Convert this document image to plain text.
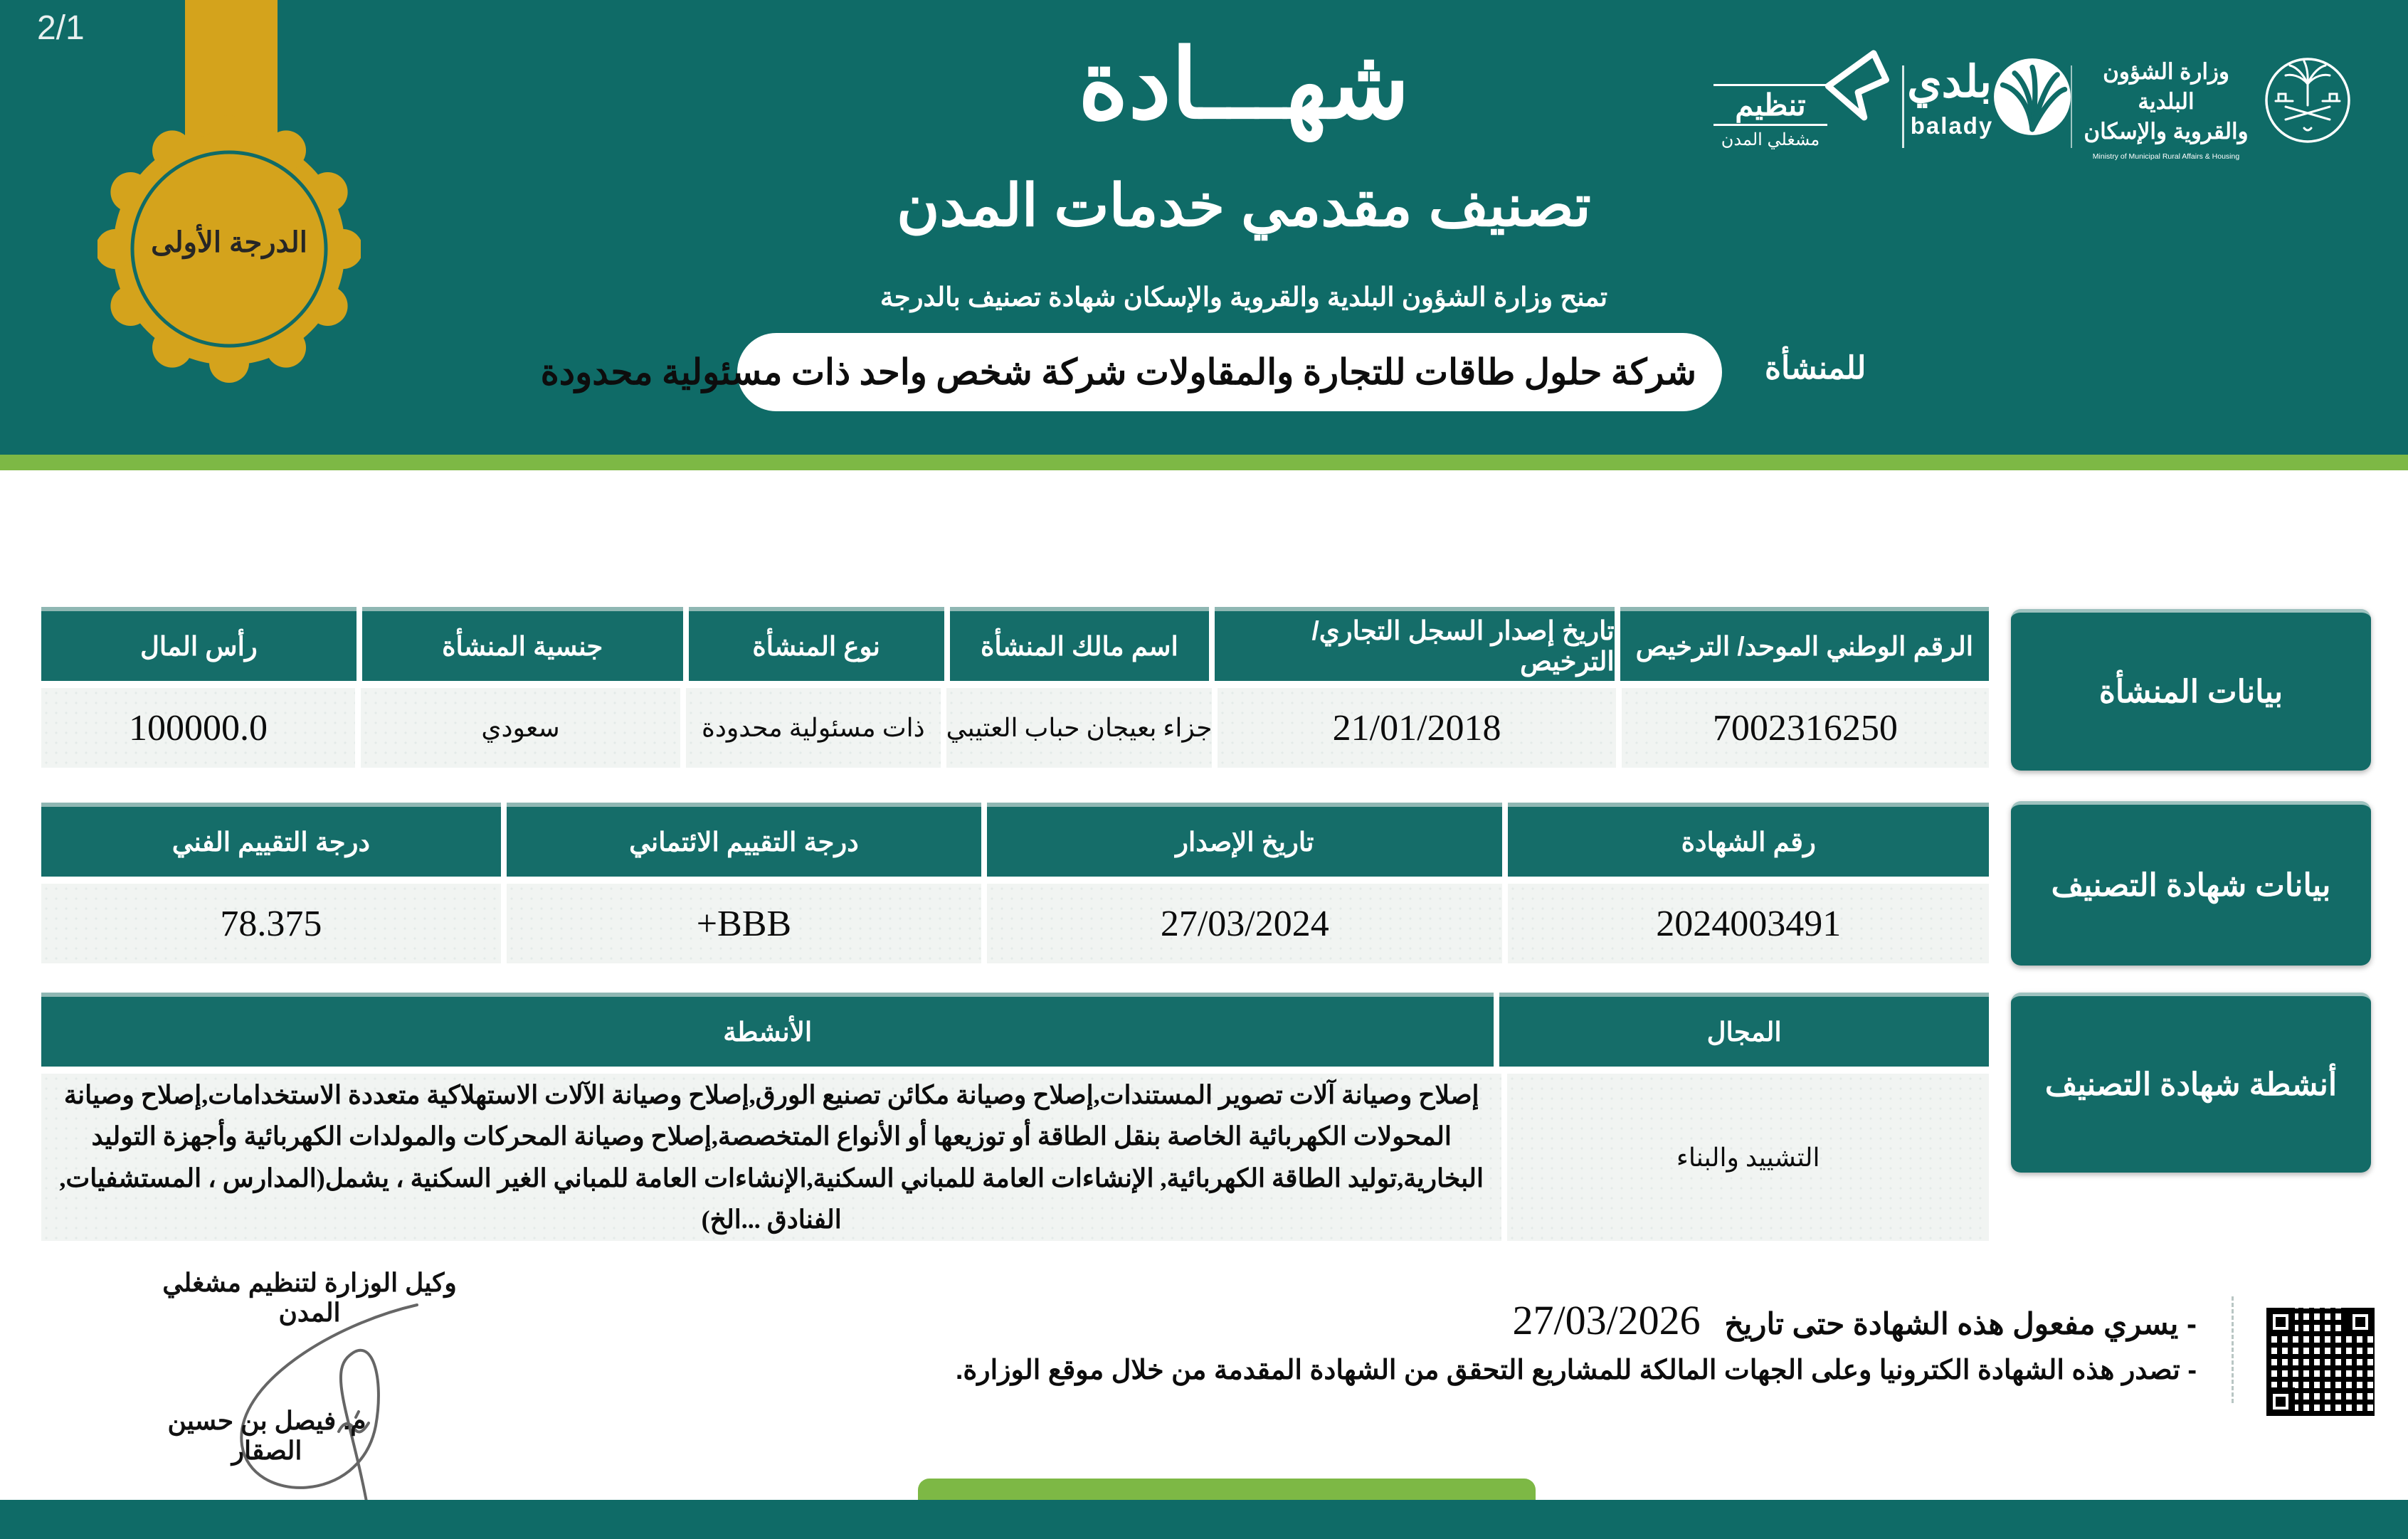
2/1
الدرجة الأولى
شهـــادة
تصنيف مقدمي خدمات المدن
تمنح وزارة الشؤون البلدية والقروية والإسكان شهادة تصنيف بالدرجة
للمنشأة
شركة حلول طاقات للتجارة والمقاولات شركة شخص واحد ذات مسئولية محدودة
تنظيم
مشغلي المدن
بلدي
balady
وزارة الشؤون البلدية
والقروية والإسكان
Ministry of Municipal Rural Affairs & Housing
الرقم الوطني الموحد/ الترخيص
تاريخ إصدار السجل التجاري/ الترخيص
اسم مالك المنشأة
نوع المنشأة
جنسية المنشأة
رأس المال
7002316250
21/01/2018
جزاء بعيجان حباب العتيبي
ذات مسئولية محدودة
سعودي
100000.0
بيانات المنشأة
رقم الشهادة
تاريخ الإصدار
درجة التقييم الائتماني
درجة التقييم الفني
2024003491
27/03/2024
BBB+
78.375
بيانات شهادة التصنيف
المجال
الأنشطة
التشييد والبناء
إصلاح وصيانة آلات تصوير المستندات,إصلاح وصيانة مكائن تصنيع الورق,إصلاح وصيانة الآلات الاستهلاكية متعددة الاستخدامات,إصلاح وصيانة المحولات الكهربائية الخاصة بنقل الطاقة أو توزيعها أو الأنواع المتخصصة,إصلاح وصيانة المحركات والمولدات الكهربائية وأجهزة التوليد البخارية,توليد الطاقة الكهربائية, الإنشاءات العامة للمباني السكنية,الإنشاءات العامة للمباني الغير السكنية ، يشمل(المدارس ، المستشفيات, الفنادق ...الخ)
أنشطة شهادة التصنيف
وكيل الوزارة لتنظيم مشغلي المدن
م. فيصل بن حسين الصقار
- يسري مفعول هذه الشهادة حتى تاريخ 27/03/2026
- تصدر هذه الشهادة الكترونيا وعلى الجهات المالكة للمشاريع التحقق من الشهادة المقدمة من خلال موقع الوزارة.
